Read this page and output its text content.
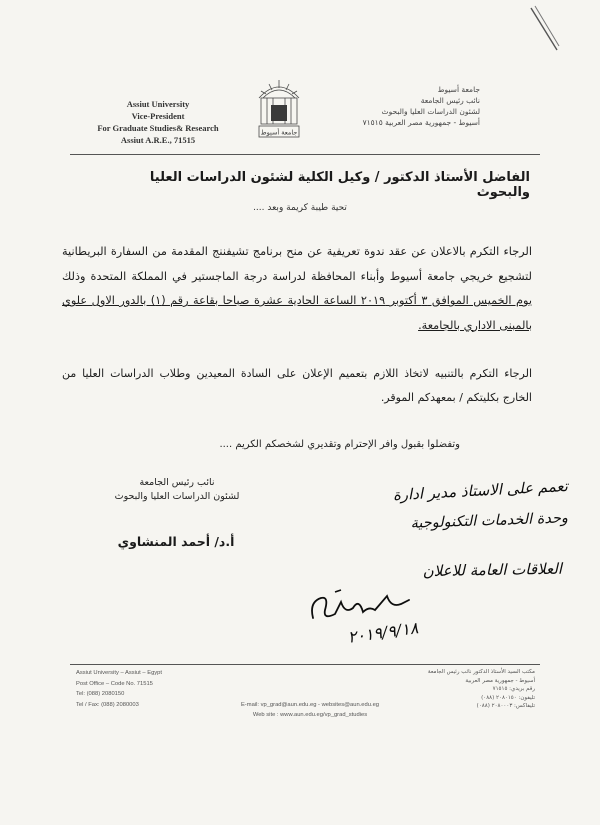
Assiut University
Vice-President
For Graduate Studies& Research
Assiut A.R.E., 71515
جامعة أسيوط
جامعة أسيوط
نائب رئيس الجامعة
لشئون الدراسات العليا والبحوث
أسيوط - جمهورية مصر العربية ٧١٥١٥
الفاضل الأستاذ الدكتور / وكيل الكلية لشئون الدراسات العليا والبحوث
تحية طيبة كريمة وبعد ....
الرجاء التكرم بالاعلان عن عقد ندوة تعريفية عن منح برنامج تشيفننج المقدمة من السفارة البريطانية لتشجيع خريجي جامعة أسيوط وأبناء المحافظة لدراسة درجة الماجستير في المملكة المتحدة وذلك يوم الخميس الموافق ٣ أكتوبر ٢٠١٩ الساعة الحادية عشرة صباحا بقاعة رقم (١) بالدور الاول علوي بالمبنى الاداري بالجامعة.
الرجاء التكرم بالتنبيه لاتخاذ اللازم بتعميم الإعلان على السادة المعيدين وطلاب الدراسات العليا من الخارج بكليتكم / بمعهدكم الموقر.
وتفضلوا بقبول وافر الإحترام وتقديري لشخصكم الكريم ....
نائب رئيس الجامعة
لشئون الدراسات العليا والبحوث
أ.د/ أحمد المنشاوي
تعمم على الاستاذ مدير ادارة
وحدة الخدمات التكنولوجية
العلاقات العامة للاعلان
٢٠١٩/٩/١٨
Assiut University – Assiut – Egypt
Post Office – Code No. 71515
Tel: (088) 2080150
Tel / Fax: (088) 2080003	E-mail: vp_grad@aun.edu.eg - websites@aun.edu.eg
Web site : www.aun.edu.eg/vp_grad_studies
مكتب السيد الأستاذ الدكتور نائب رئيس الجامعة
أسيوط - جمهورية مصر العربية
رقم بريدي: ٧١٥١٥
تليفون: ٢٠٨٠١٥٠ (٠٨٨)
تليفاكس: ٢٠٨٠٠٠٣ (٠٨٨)
